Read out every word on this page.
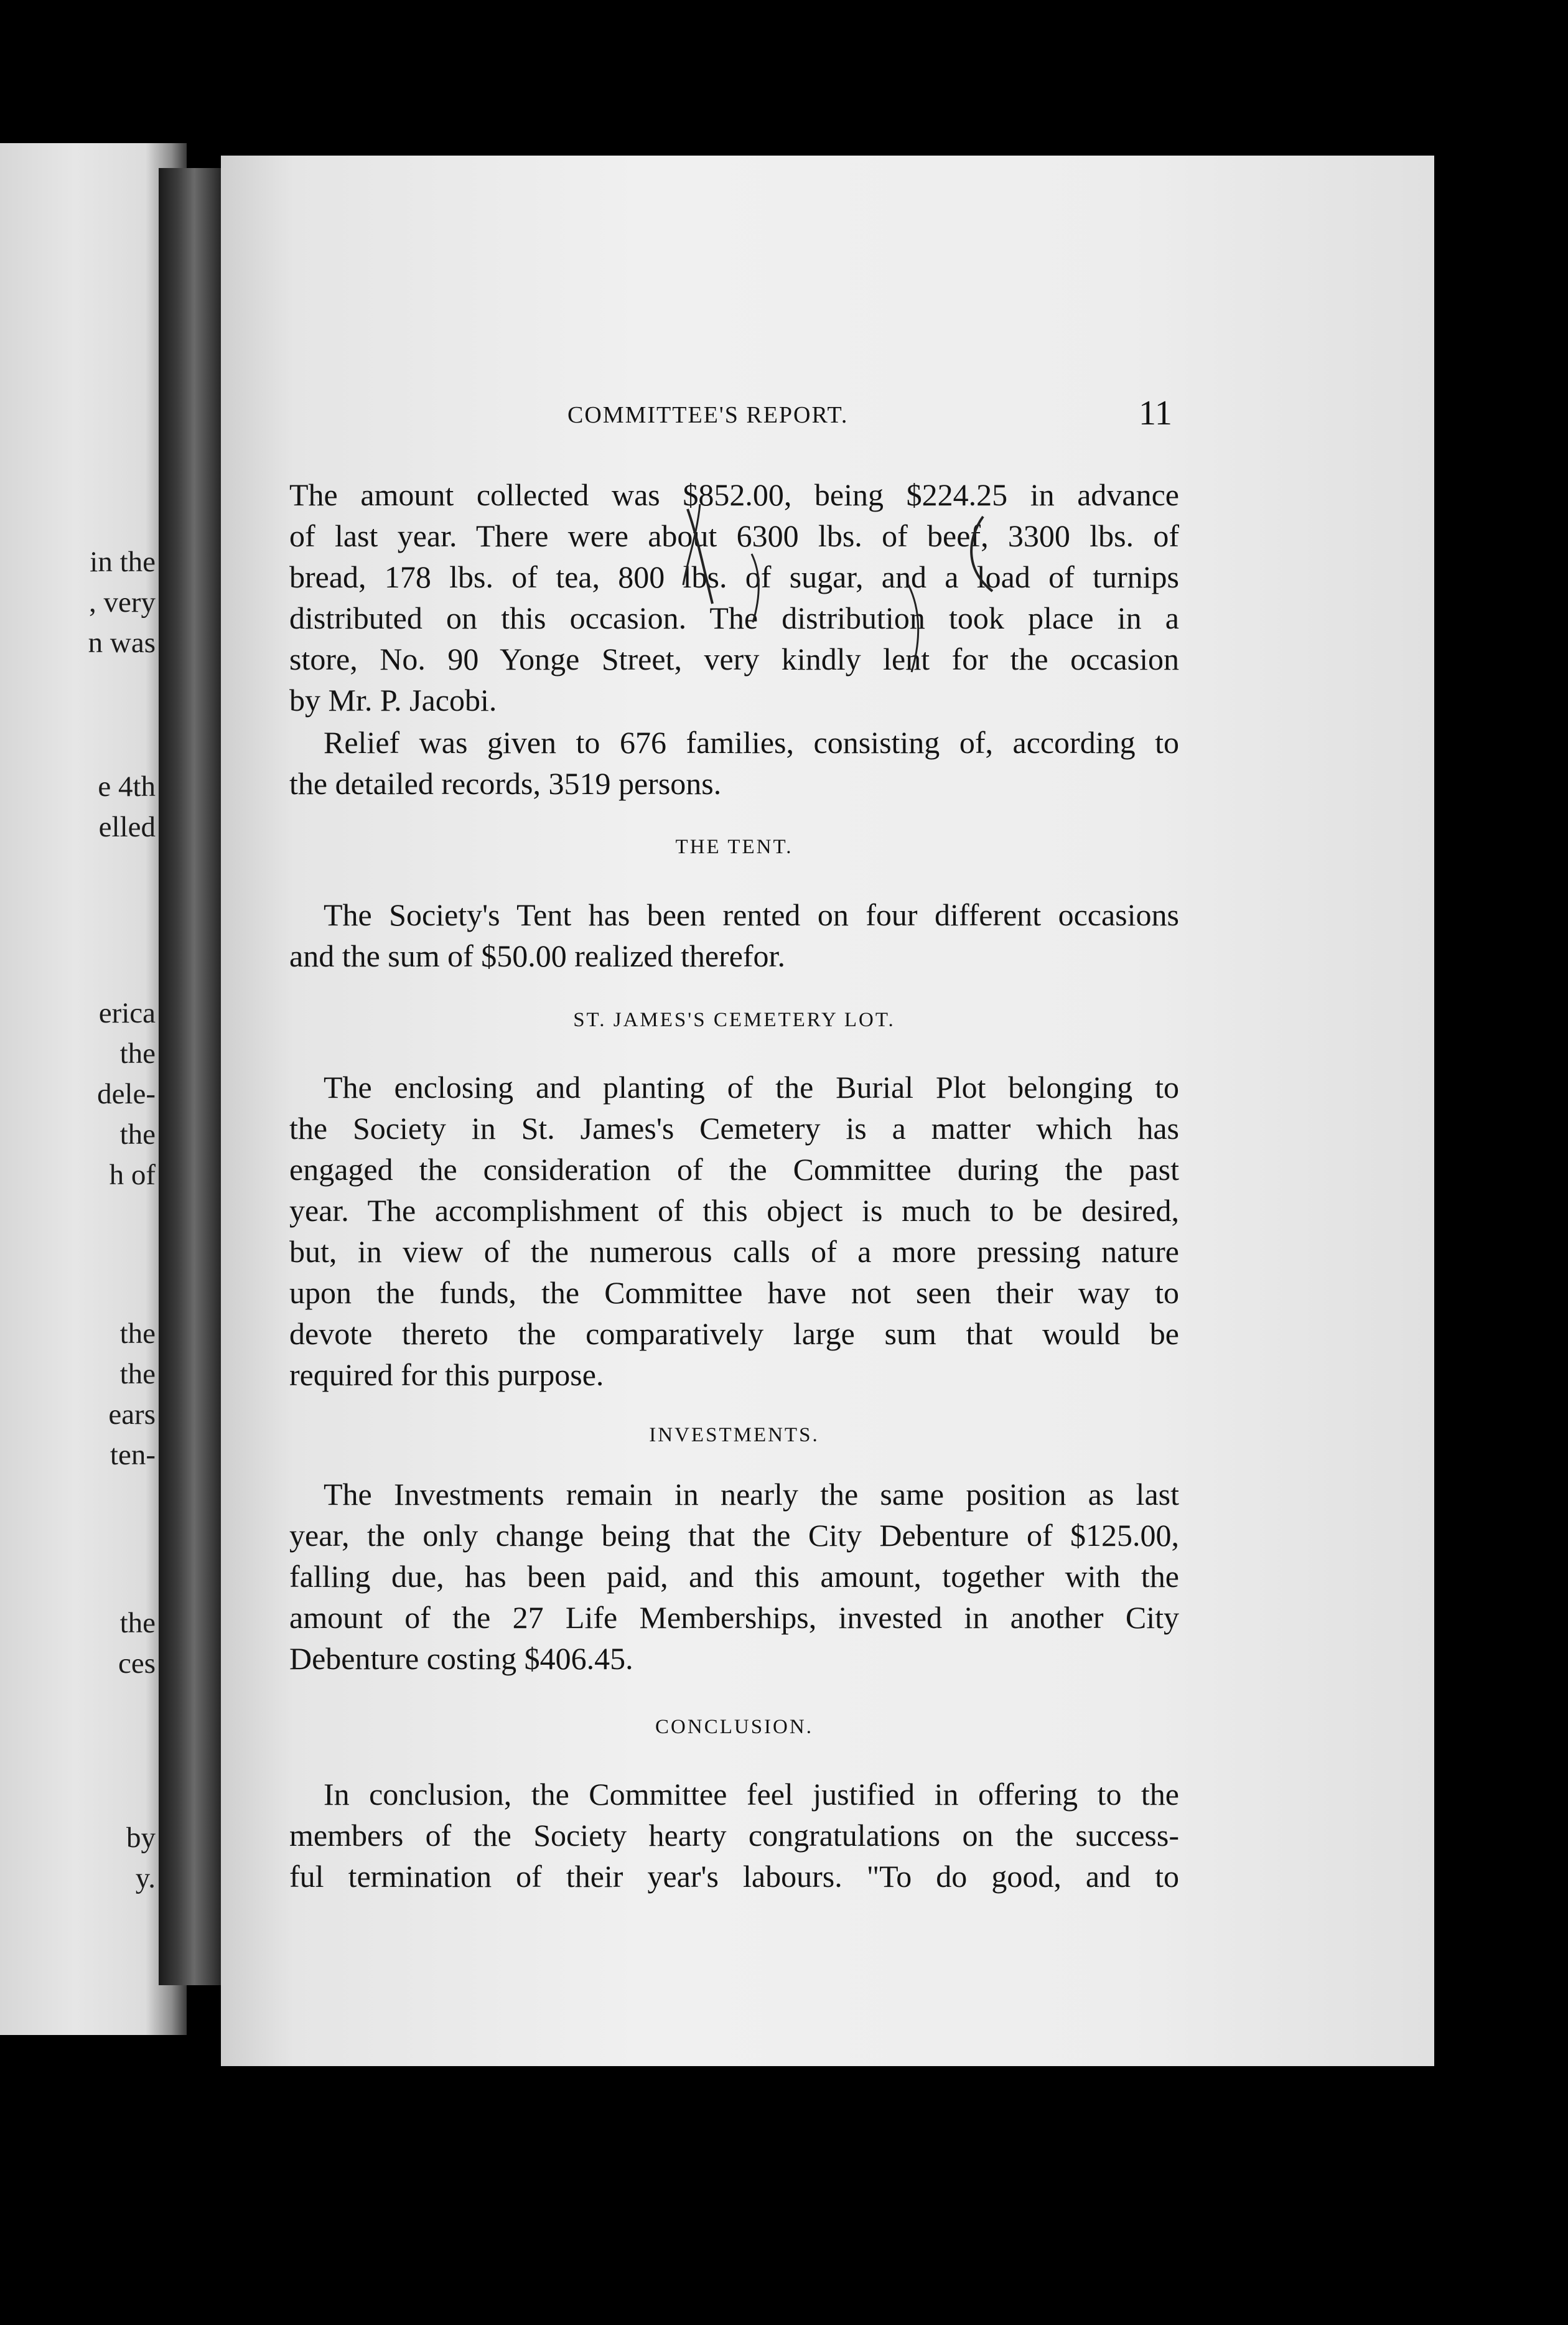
in the
, very
n was
e 4th
elled
erica
the
dele-
the
h of
the
the
ears
ten-
the
ces
by
y.
COMMITTEE'S REPORT.	11
The amount collected was $852.00, being $224.25 in advance
of last year. There were about 6300 lbs. of beef, 3300 lbs. of
bread, 178 lbs. of tea, 800 lbs. of sugar, and a load of turnips
distributed on this occasion. The distribution took place in a
store, No. 90 Yonge Street, very kindly lent for the occasion
by Mr. P. Jacobi.
Relief was given to 676 families, consisting of, according to
the detailed records, 3519 persons.
THE TENT.
The Society's Tent has been rented on four different occasions
and the sum of $50.00 realized therefor.
ST. JAMES'S CEMETERY LOT.
The enclosing and planting of the Burial Plot belonging to
the Society in St. James's Cemetery is a matter which has
engaged the consideration of the Committee during the past
year. The accomplishment of this object is much to be desired,
but, in view of the numerous calls of a more pressing nature
upon the funds, the Committee have not seen their way to
devote thereto the comparatively large sum that would be
required for this purpose.
INVESTMENTS.
The Investments remain in nearly the same position as last
year, the only change being that the City Debenture of $125.00,
falling due, has been paid, and this amount, together with the
amount of the 27 Life Memberships, invested in another City
Debenture costing $406.45.
CONCLUSION.
In conclusion, the Committee feel justified in offering to the
members of the Society hearty congratulations on the success-
ful termination of their year's labours. "To do good, and to
